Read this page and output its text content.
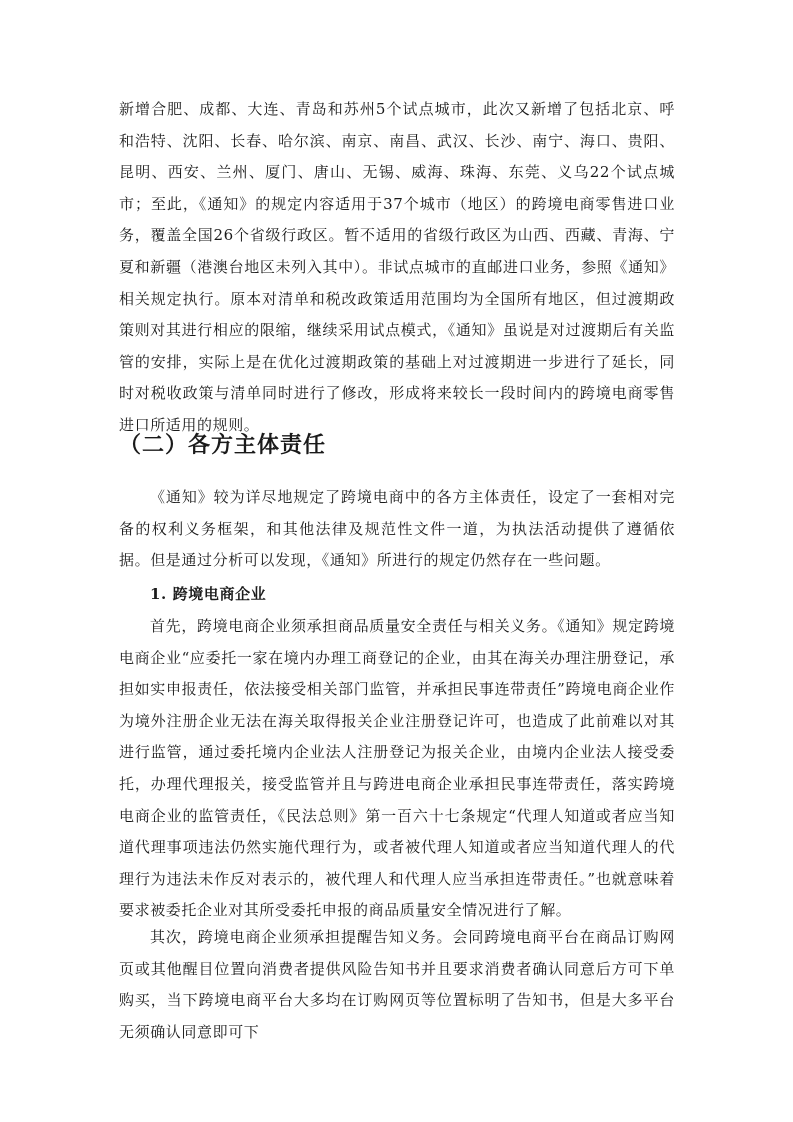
新增合肥、成都、大连、青岛和苏州5个试点城市，此次又新增了包括北京、呼和浩特、沈阳、长春、哈尔滨、南京、南昌、武汉、长沙、南宁、海口、贵阳、昆明、西安、兰州、厦门、唐山、无锡、威海、珠海、东莞、义乌22个试点城市；至此，《通知》的规定内容适用于37个城市（地区）的跨境电商零售进口业务，覆盖全国26个省级行政区。暂不适用的省级行政区为山西、西藏、青海、宁夏和新疆（港澳台地区未列入其中）。非试点城市的直邮进口业务，参照《通知》相关规定执行。原本对清单和税改政策适用范围均为全国所有地区，但过渡期政策则对其进行相应的限缩，继续采用试点模式，《通知》虽说是对过渡期后有关监管的安排，实际上是在优化过渡期政策的基础上对过渡期进一步进行了延长，同时对税收政策与清单同时进行了修改，形成将来较长一段时间内的跨境电商零售进口所适用的规则。

（二）各方主体责任

《通知》较为详尽地规定了跨境电商中的各方主体责任，设定了一套相对完备的权利义务框架，和其他法律及规范性文件一道，为执法活动提供了遵循依据。但是通过分析可以发现，《通知》所进行的规定仍然存在一些问题。

1. 跨境电商企业

首先，跨境电商企业须承担商品质量安全责任与相关义务。《通知》规定跨境电商企业“应委托一家在境内办理工商登记的企业，由其在海关办理注册登记，承担如实申报责任，依法接受相关部门监管，并承担民事连带责任”跨境电商企业作为境外注册企业无法在海关取得报关企业注册登记许可，也造成了此前难以对其进行监管，通过委托境内企业法人注册登记为报关企业，由境内企业法人接受委托，办理代理报关，接受监管并且与跨进电商企业承担民事连带责任，落实跨境电商企业的监管责任，《民法总则》第一百六十七条规定“代理人知道或者应当知道代理事项违法仍然实施代理行为，或者被代理人知道或者应当知道代理人的代理行为违法未作反对表示的，被代理人和代理人应当承担连带责任。”也就意味着要求被委托企业对其所受委托申报的商品质量安全情况进行了解。

其次，跨境电商企业须承担提醒告知义务。会同跨境电商平台在商品订购网页或其他醒目位置向消费者提供风险告知书并且要求消费者确认同意后方可下单购买，当下跨境电商平台大多均在订购网页等位置标明了告知书，但是大多平台无须确认同意即可下
